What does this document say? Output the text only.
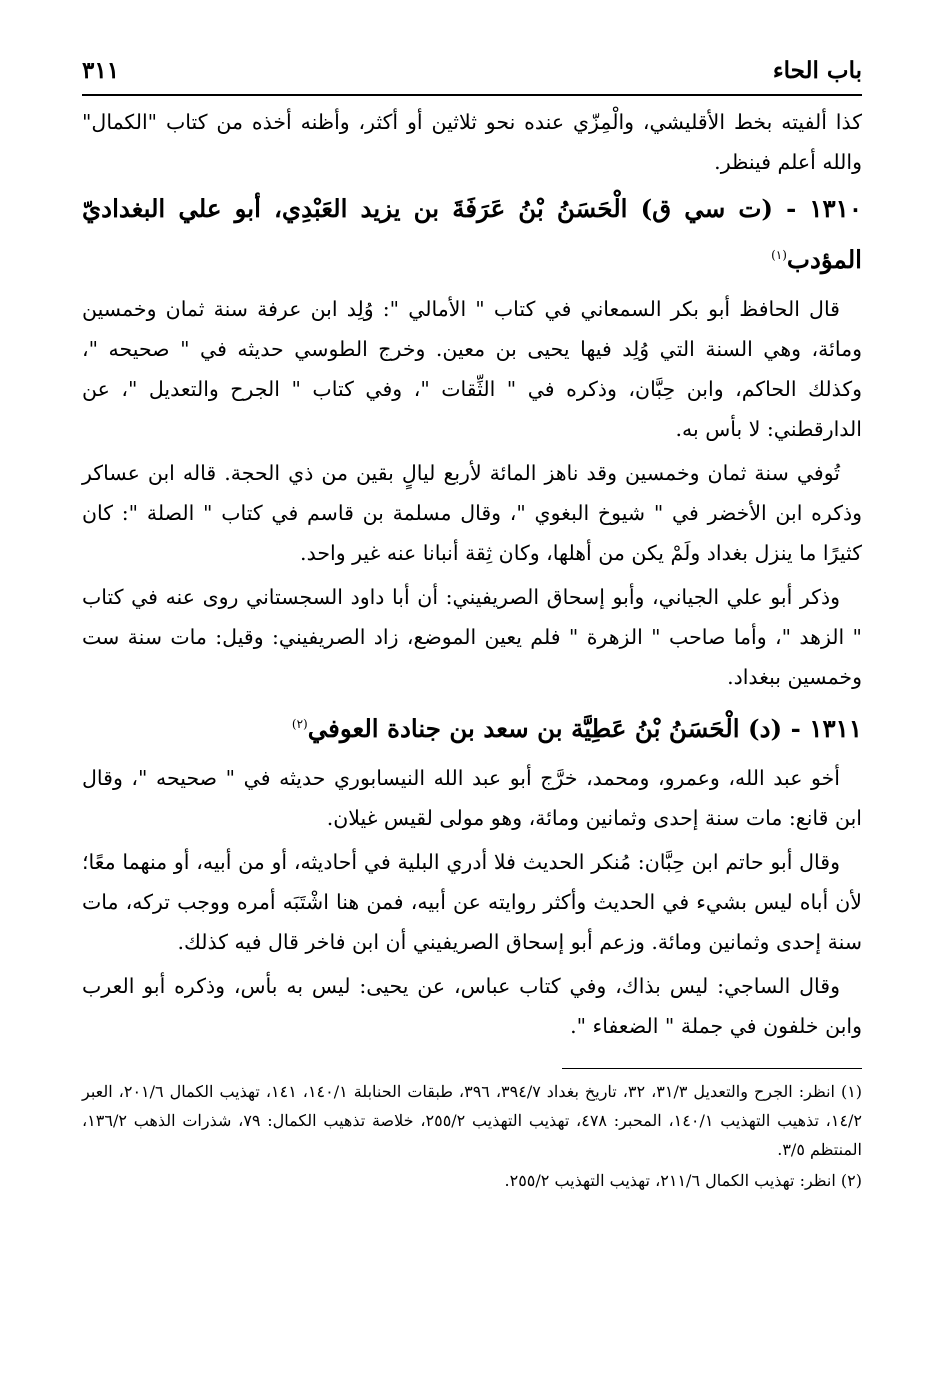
باب الحاء
٣١١

كذا ألفيته بخط الأقليشي، والْمِزّي عنده نحو ثلاثين أو أكثر، وأظنه أخذه من كتاب "الكمال" والله أعلم فينظر.

١٣١٠ - (ت سي ق) الْحَسَنُ بْنُ عَرَفَةَ بن يزيد العَبْدِي، أبو علي البغداديّ المؤدب$^{(١)}$

قال الحافظ أبو بكر السمعاني في كتاب " الأمالي ": وُلِد ابن عرفة سنة ثمان وخمسين ومائة، وهي السنة التي وُلِد فيها يحيى بن معين. وخرج الطوسي حديثه في " صحيحه "، وكذلك الحاكم، وابن حِبَّان، وذكره في " الثِّقات "، وفي كتاب " الجرح والتعديل "، عن الدارقطني: لا بأس به.

تُوفي سنة ثمان وخمسين وقد ناهز المائة لأربع ليالٍ بقين من ذي الحجة. قاله ابن عساكر وذكره ابن الأخضر في " شيوخ البغوي "، وقال مسلمة بن قاسم في كتاب " الصلة ": كان كثيرًا ما ينزل بغداد ولَمْ يكن من أهلها، وكان ثِقة أنبانا عنه غير واحد.

وذكر أبو علي الجياني، وأبو إسحاق الصريفيني: أن أبا داود السجستاني روى عنه في كتاب " الزهد "، وأما صاحب " الزهرة " فلم يعين الموضع، زاد الصريفيني: وقيل: مات سنة ست وخمسين ببغداد.

١٣١١ - (د) الْحَسَنُ بْنُ عَطِيَّة بن سعد بن جنادة العوفي$^{(٢)}$

أخو عبد الله، وعمرو، ومحمد، خرَّج أبو عبد الله النيسابوري حديثه في " صحيحه "، وقال ابن قانع: مات سنة إحدى وثمانين ومائة، وهو مولى لقيس غيلان.

وقال أبو حاتم ابن حِبَّان: مُنكر الحديث فلا أدري البلية في أحاديثه، أو من أبيه، أو منهما معًا؛ لأن أباه ليس بشيء في الحديث وأكثر روايته عن أبيه، فمن هنا اشْتَبَه أمره ووجب تركه، مات سنة إحدى وثمانين ومائة. وزعم أبو إسحاق الصريفيني أن ابن فاخر قال فيه كذلك.

وقال الساجي: ليس بذاك، وفي كتاب عباس، عن يحيى: ليس به بأس، وذكره أبو العرب وابن خلفون في جملة " الضعفاء ".

(١) انظر: الجرح والتعديل ٣١/٣، ٣٢، تاريخ بغداد ٣٩٤/٧، ٣٩٦، طبقات الحنابلة ١٤٠/١، ١٤١، تهذيب الكمال ٢٠١/٦، العبر ١٤/٢، تذهيب التهذيب ١٤٠/١، المحبر: ٤٧٨، تهذيب التهذيب ٢٥٥/٢، خلاصة تذهيب الكمال: ٧٩، شذرات الذهب ١٣٦/٢، المنتظم ٣/٥.

(٢) انظر: تهذيب الكمال ٢١١/٦، تهذيب التهذيب ٢٥٥/٢.
